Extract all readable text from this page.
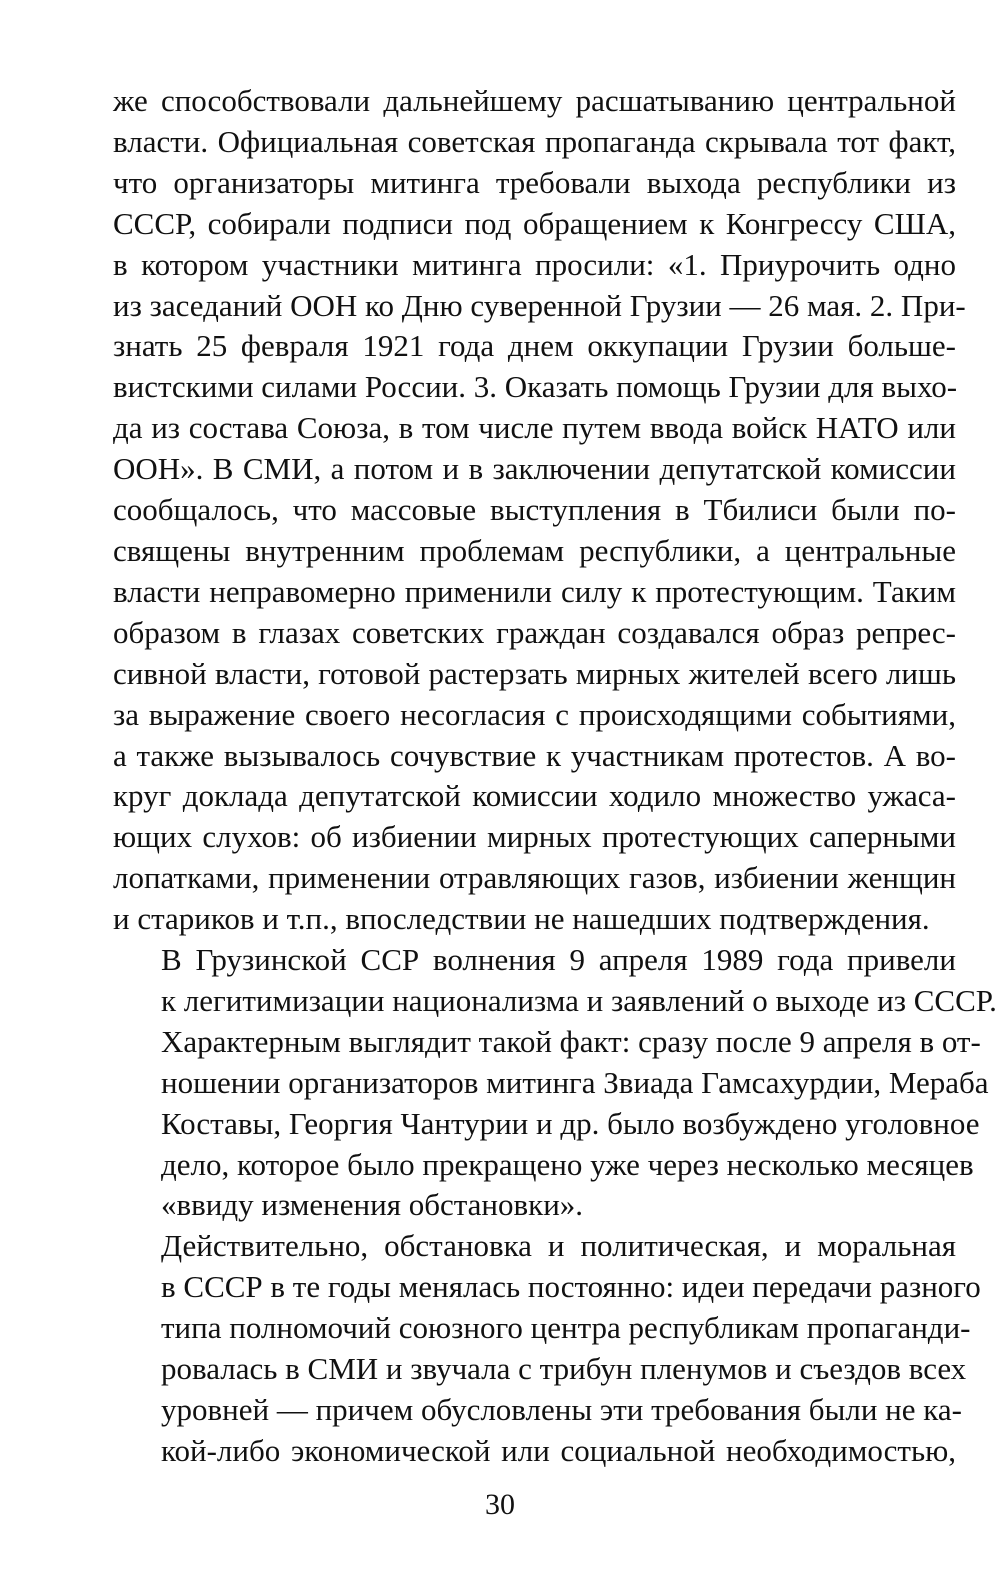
же способствовали дальнейшему расшатыванию центральной
власти. Официальная советская пропаганда скрывала тот факт,
что организаторы митинга требовали выхода республики из
СССР, собирали подписи под обращением к Конгрессу США,
в котором участники митинга просили: «1. Приурочить одно
из заседаний ООН ко Дню суверенной Грузии — 26 мая. 2. При-
знать 25 февраля 1921 года днем оккупации Грузии больше-
вистскими силами России. 3. Оказать помощь Грузии для выхо-
да из состава Союза, в том числе путем ввода войск НАТО или
ООН». В СМИ, а потом и в заключении депутатской комиссии
сообщалось, что массовые выступления в Тбилиси были по-
священы внутренним проблемам республики, а центральные
власти неправомерно применили силу к протестующим. Таким
образом в глазах советских граждан создавался образ репрес-
сивной власти, готовой растерзать мирных жителей всего лишь
за выражение своего несогласия с происходящими событиями,
а также вызывалось сочувствие к участникам протестов. А во-
круг доклада депутатской комиссии ходило множество ужаса-
ющих слухов: об избиении мирных протестующих саперными
лопатками, применении отравляющих газов, избиении женщин
и стариков и т.п., впоследствии не нашедших подтверждения.

В Грузинской ССР волнения 9 апреля 1989 года привели
к легитимизации национализма и заявлений о выходе из СССР.
Характерным выглядит такой факт: сразу после 9 апреля в от-
ношении организаторов митинга Звиада Гамсахурдии, Мераба
Коставы, Георгия Чантурии и др. было возбуждено уголовное
дело, которое было прекращено уже через несколько месяцев
«ввиду изменения обстановки».

Действительно, обстановка и политическая, и моральная
в СССР в те годы менялась постоянно: идеи передачи разного
типа полномочий союзного центра республикам пропаганди-
ровалась в СМИ и звучала с трибун пленумов и съездов всех
уровней — причем обусловлены эти требования были не ка-
кой-либо экономической или социальной необходимостью,

30
